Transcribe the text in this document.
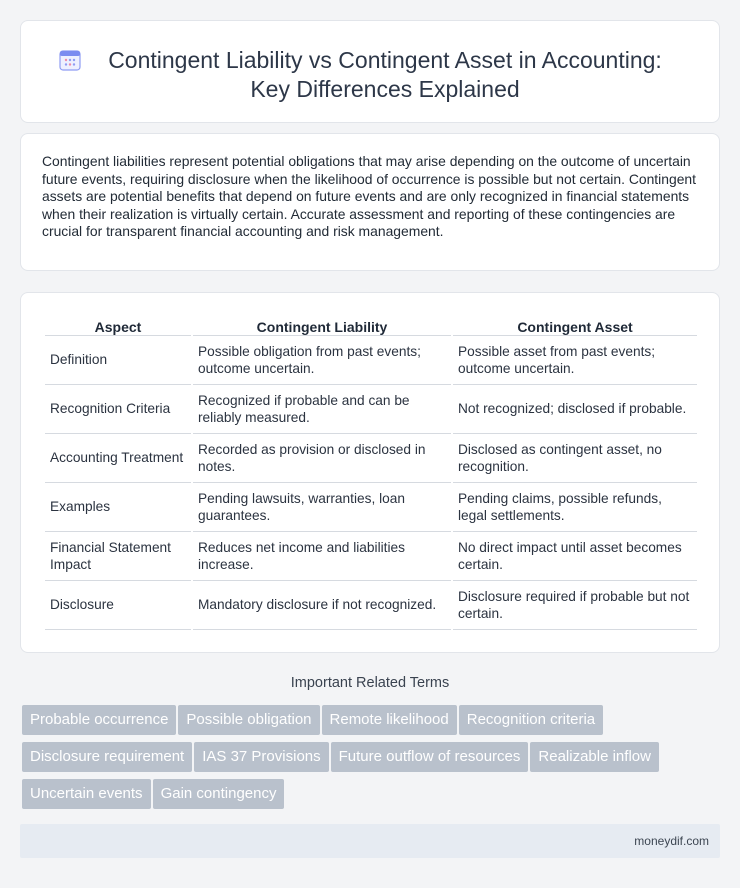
Contingent Liability vs Contingent Asset in Accounting: Key Differences Explained

Contingent liabilities represent potential obligations that may arise depending on the outcome of uncertain future events, requiring disclosure when the likelihood of occurrence is possible but not certain. Contingent assets are potential benefits that depend on future events and are only recognized in financial statements when their realization is virtually certain. Accurate assessment and reporting of these contingencies are crucial for transparent financial accounting and risk management.

Aspect	Contingent Liability	Contingent Asset
Definition	Possible obligation from past events; outcome uncertain.	Possible asset from past events; outcome uncertain.
Recognition Criteria	Recognized if probable and can be reliably measured.	Not recognized; disclosed if probable.
Accounting Treatment	Recorded as provision or disclosed in notes.	Disclosed as contingent asset, no recognition.
Examples	Pending lawsuits, warranties, loan guarantees.	Pending claims, possible refunds, legal settlements.
Financial Statement Impact	Reduces net income and liabilities increase.	No direct impact until asset becomes certain.
Disclosure	Mandatory disclosure if not recognized.	Disclosure required if probable but not certain.
Important Related Terms
Probable occurrence Possible obligation Remote likelihood Recognition criteria
Disclosure requirement IAS 37 Provisions Future outflow of resources Realizable inflow
Uncertain events Gain contingency
moneydif.com
